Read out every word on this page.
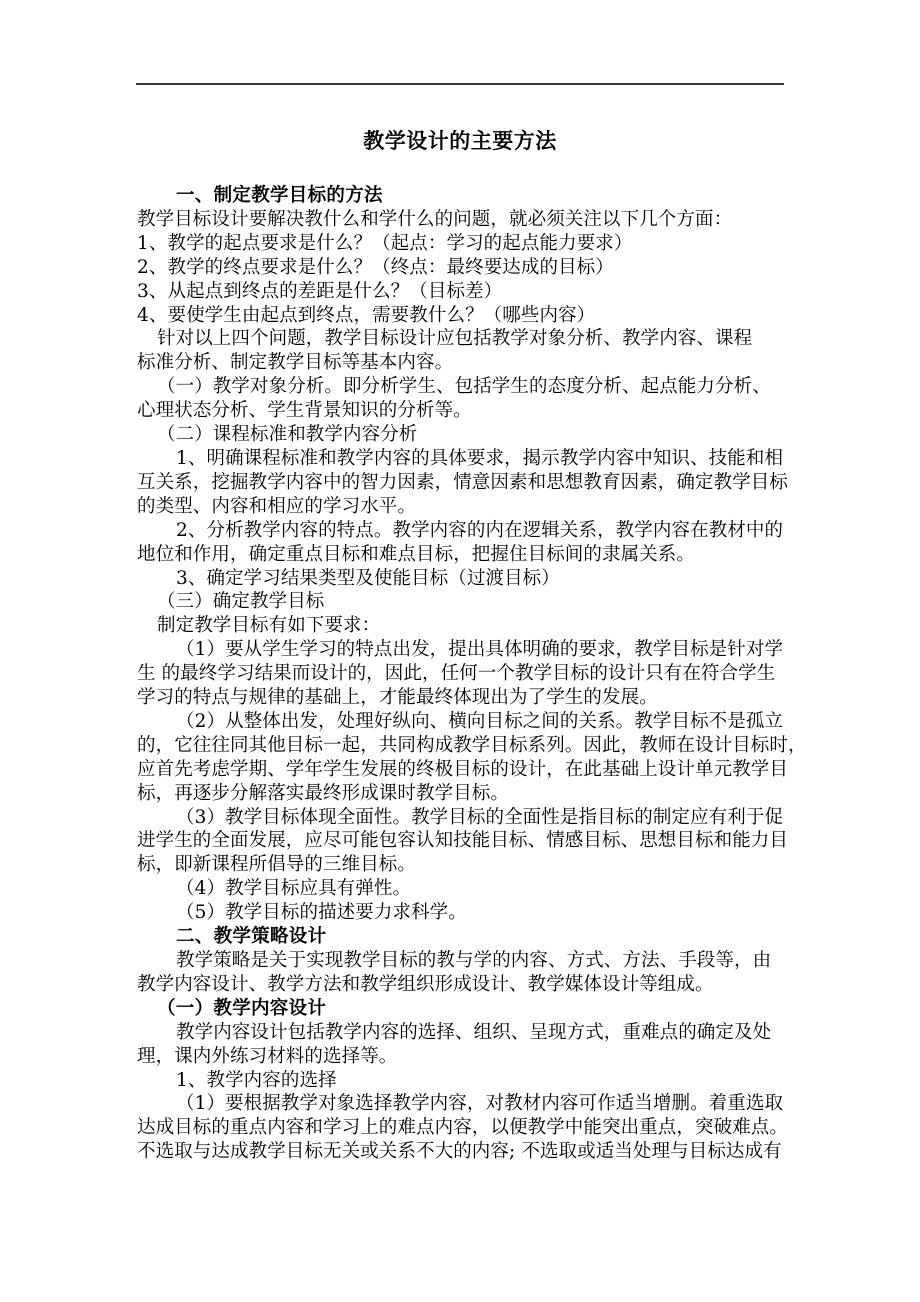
教学设计的主要方法

一、制定教学目标的方法

教学目标设计要解决教什么和学什么的问题，就必须关注以下几个方面：

1、教学的起点要求是什么？（起点：学习的起点能力要求）

2、教学的终点要求是什么？（终点：最终要达成的目标）

3、从起点到终点的差距是什么？（目标差）

4、要使学生由起点到终点，需要教什么？（哪些内容）

针对以上四个问题，教学目标设计应包括教学对象分析、教学内容、课程

标准分析、制定教学目标等基本内容。

（一）教学对象分析。即分析学生、包括学生的态度分析、起点能力分析、

心理状态分析、学生背景知识的分析等。

（二）课程标准和教学内容分析

1、明确课程标准和教学内容的具体要求，揭示教学内容中知识、技能和相

互关系，挖掘教学内容中的智力因素，情意因素和思想教育因素，确定教学目标

的类型、内容和相应的学习水平。

2、分析教学内容的特点。教学内容的内在逻辑关系，教学内容在教材中的

地位和作用，确定重点目标和难点目标，把握住目标间的隶属关系。

3、确定学习结果类型及使能目标（过渡目标）

（三）确定教学目标

制定教学目标有如下要求：

（1）要从学生学习的特点出发，提出具体明确的要求，教学目标是针对学

生 的最终学习结果而设计的，因此，任何一个教学目标的设计只有在符合学生

学习的特点与规律的基础上，才能最终体现出为了学生的发展。

（2）从整体出发，处理好纵向、横向目标之间的关系。教学目标不是孤立

的，它往往同其他目标一起，共同构成教学目标系列。因此，教师在设计目标时，

应首先考虑学期、学年学生发展的终极目标的设计，在此基础上设计单元教学目

标，再逐步分解落实最终形成课时教学目标。

（3）教学目标体现全面性。教学目标的全面性是指目标的制定应有利于促

进学生的全面发展，应尽可能包容认知技能目标、情感目标、思想目标和能力目

标，即新课程所倡导的三维目标。

（4）教学目标应具有弹性。

（5）教学目标的描述要力求科学。

二、教学策略设计

教学策略是关于实现教学目标的教与学的内容、方式、方法、手段等，由

教学内容设计、教学方法和教学组织形成设计、教学媒体设计等组成。

（一）教学内容设计

教学内容设计包括教学内容的选择、组织、呈现方式，重难点的确定及处

理，课内外练习材料的选择等。

1、教学内容的选择

（1）要根据教学对象选择教学内容，对教材内容可作适当增删。着重选取

达成目标的重点内容和学习上的难点内容，以便教学中能突出重点，突破难点。

不选取与达成教学目标无关或关系不大的内容; 不选取或适当处理与目标达成有
